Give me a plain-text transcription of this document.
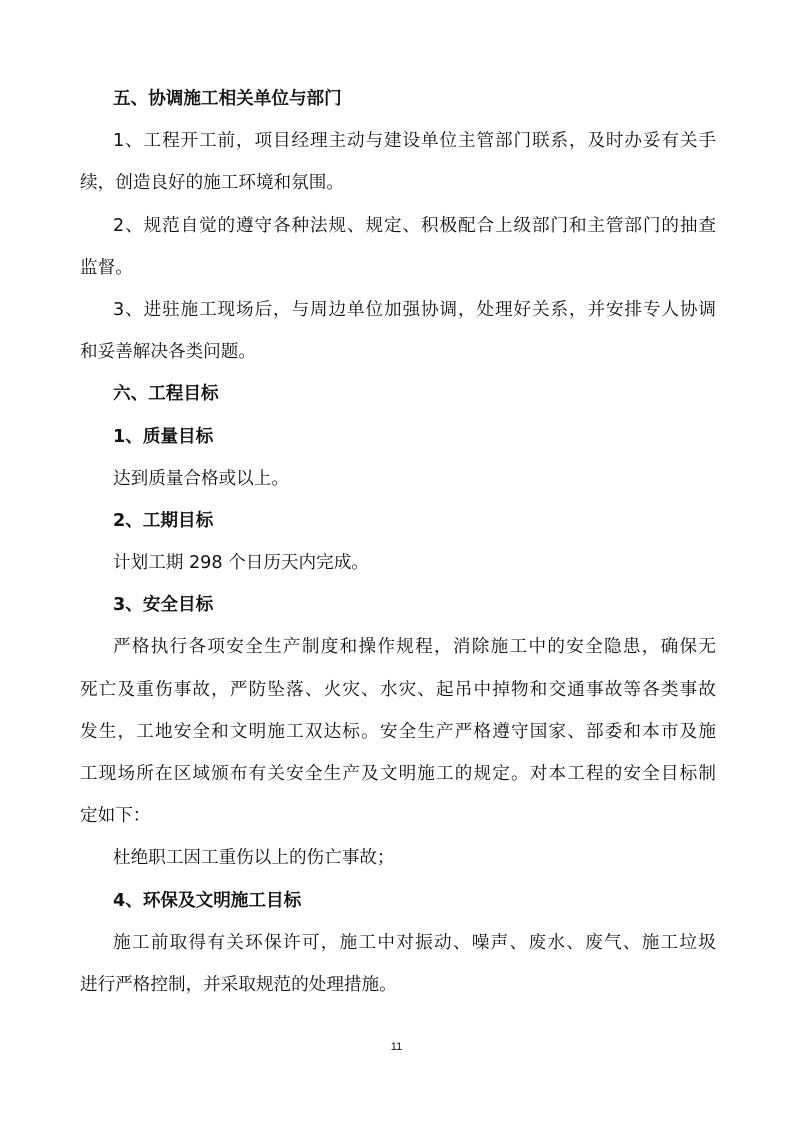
五、协调施工相关单位与部门
1、工程开工前，项目经理主动与建设单位主管部门联系，及时办妥有关手
续，创造良好的施工环境和氛围。
2、规范自觉的遵守各种法规、规定、积极配合上级部门和主管部门的抽查
监督。
3、进驻施工现场后，与周边单位加强协调，处理好关系，并安排专人协调
和妥善解决各类问题。
六、工程目标
1、质量目标
达到质量合格或以上。
2、工期目标
计划工期 298 个日历天内完成。
3、安全目标
严格执行各项安全生产制度和操作规程，消除施工中的安全隐患，确保无
死亡及重伤事故，严防坠落、火灾、水灾、起吊中掉物和交通事故等各类事故
发生，工地安全和文明施工双达标。安全生产严格遵守国家、部委和本市及施
工现场所在区域颁布有关安全生产及文明施工的规定。对本工程的安全目标制
定如下：
杜绝职工因工重伤以上的伤亡事故；
4、环保及文明施工目标
施工前取得有关环保许可，施工中对振动、噪声、废水、废气、施工垃圾
进行严格控制，并采取规范的处理措施。
11
